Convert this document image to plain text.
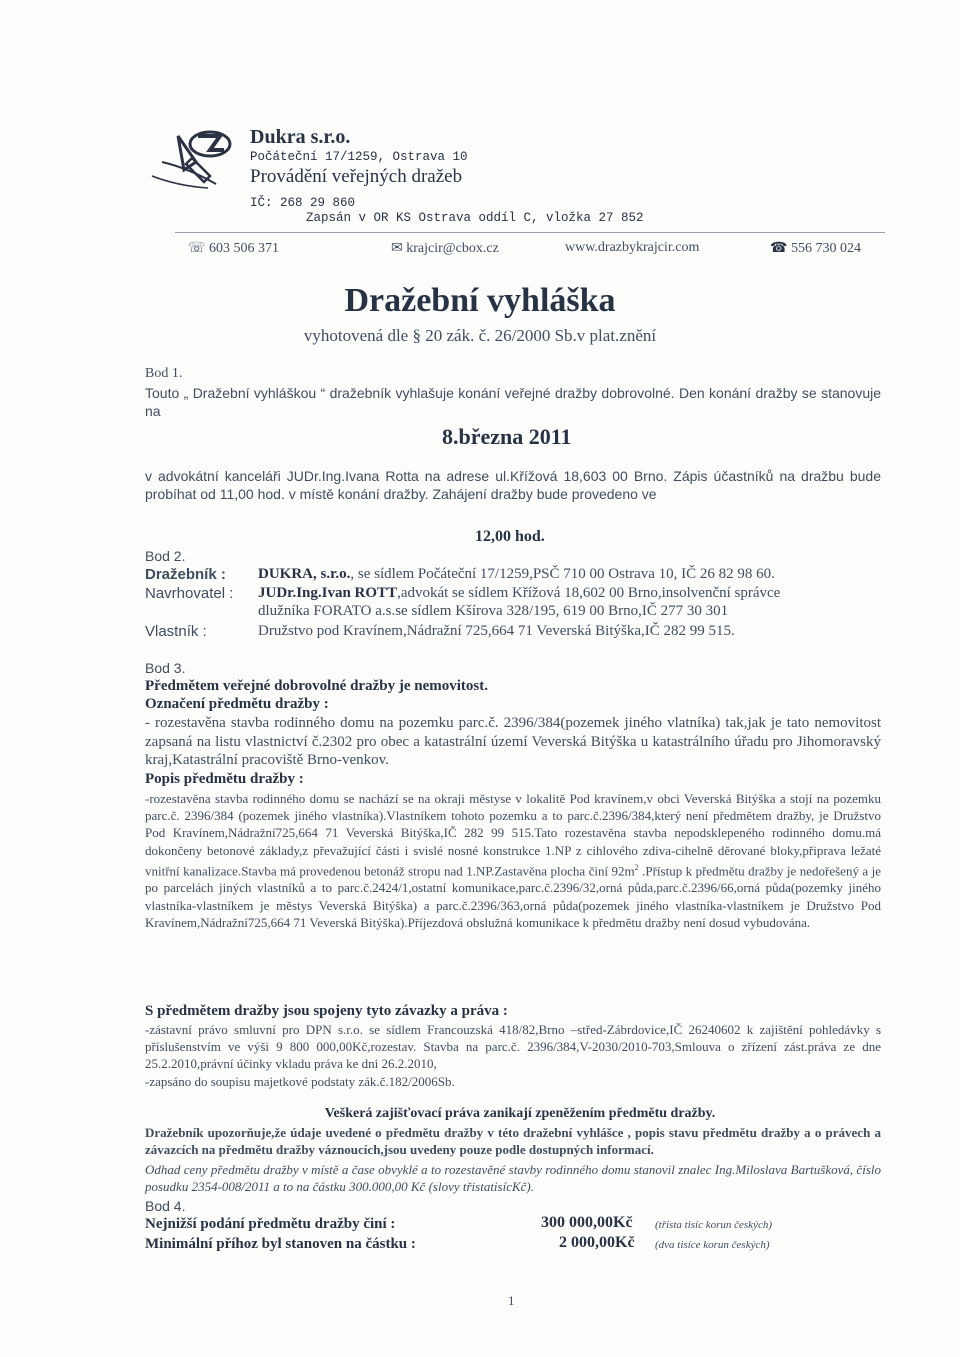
Dukra s.r.o.
Počáteční 17/1259, Ostrava 10
Provádění veřejných dražeb
IČ: 268 29 860
Zapsán v OR KS Ostrava oddíl C, vložka 27 852
☏ 603 506 371	✉ krajcir@cbox.cz	www.drazbykrajcir.com	☎ 556 730 024
Dražební vyhláška
vyhotovená dle § 20 zák. č. 26/2000 Sb.v plat.znění
Bod 1.
Touto „ Dražební vyhláškou “ dražebník vyhlašuje konání veřejné dražby dobrovolné. Den konání dražby se stanovuje na
8.března 2011
v advokátní kanceláři JUDr.Ing.Ivana Rotta na adrese ul.Křížová 18,603 00 Brno. Zápis účastníků na dražbu bude probíhat od 11,00 hod. v místě konání dražby. Zahájení dražby bude provedeno ve
12,00 hod.
Bod 2.
Dražebník : DUKRA, s.r.o., se sídlem Počáteční 17/1259,PSČ 710 00 Ostrava 10, IČ 26 82 98 60.
Navrhovatel : JUDr.Ing.Ivan ROTT,advokát se sídlem Křížová 18,602 00 Brno,insolvenční správce
dlužníka FORATO a.s.se sídlem Kšírova 328/195, 619 00 Brno,IČ 277 30 301
Vlastník :	Družstvo pod Kravínem,Nádražní 725,664 71 Veverská Bitýška,IČ 282 99 515.
Bod 3.
Předmětem veřejné dobrovolné dražby je nemovitost.
Označení předmětu dražby :
- rozestavěna stavba rodinného domu na pozemku parc.č. 2396/384(pozemek jiného vlatníka) tak,jak je tato nemovitost zapsaná na listu vlastnictví č.2302 pro obec a katastrální území Veverská Bitýška u katastrálního úřadu pro Jihomoravský kraj,Katastrální pracoviště Brno-venkov.
Popis předmětu dražby :
-rozestavěna stavba rodinného domu se nachází se na okraji městyse v lokalitě Pod kravínem,v obci Veverská Bitýška a stojí na pozemku parc.č. 2396/384 (pozemek jiného vlastníka).Vlastníkem tohoto pozemku a to parc.č.2396/384,který není předmětem dražby, je Družstvo Pod Kravínem,Nádražní725,664 71 Veverská Bitýška,IČ 282 99 515.Tato rozestavěna stavba nepodsklepeného rodinného domu.má dokončeny betonové základy,z převažující části i svislé nosné konstrukce 1.NP z cihlového zdiva-cihelně děrované bloky,připrava ležaté vnitřní kanalizace.Stavba má provedenou betonáž stropu nad 1.NP.Zastavěna plocha činí $92m^2$ .Přístup k předmětu dražby je nedořešený a je po parcelách jiných vlastníků a to parc.č.2424/1,ostatní komunikace,parc.č.2396/32,orná půda,parc.č.2396/66,orná půda(pozemky jiného vlastníka-vlastníkem je městys Veverská Bitýška) a parc.č.2396/363,orná půda(pozemek jiného vlastníka-vlastníkem je Družstvo Pod Kravínem,Nádražní725,664 71 Veverská Bitýška).Příjezdová obslužná komunikace k předmětu dražby není dosud vybudována.
S předmětem dražby jsou spojeny tyto závazky a práva :
-zástavní právo smluvní pro DPN s.r.o. se sídlem Francouzská 418/82,Brno –střed-Zábrdovice,IČ 26240602 k zajištění pohledávky s příslušenstvím ve výši 9 800 000,00Kč,rozestav. Stavba na parc.č. 2396/384,V-2030/2010-703,Smlouva o zřízení zást.práva ze dne 25.2.2010,právní účinky vkladu práva ke dni 26.2.2010,
-zapsáno do soupisu majetkové podstaty zák.č.182/2006Sb.
Veškerá zajišťovací práva zanikají zpeněžením předmětu dražby.
Dražebník upozorňuje,že údaje uvedené o předmětu dražby v této dražební vyhlášce , popis stavu předmětu dražby a o právech a závazcích na předmětu dražby váznoucích,jsou uvedeny pouze podle dostupných informací.
Odhad ceny předmětu dražby v místě a čase obvyklé a to rozestavěné stavby rodinného domu stanovil znalec Ing.Miloslava Bartušková, číslo posudku 2354-008/2011 a to na částku 300.000,00 Kč (slovy třistatisícKč).
Bod 4.
Nejnižší podání předmětu dražby činí :	300 000,00Kč (třista tisíc korun českých)
Minimální příhoz byl stanoven na částku :	2 000,00Kč (dva tisíce korun českých)
1
